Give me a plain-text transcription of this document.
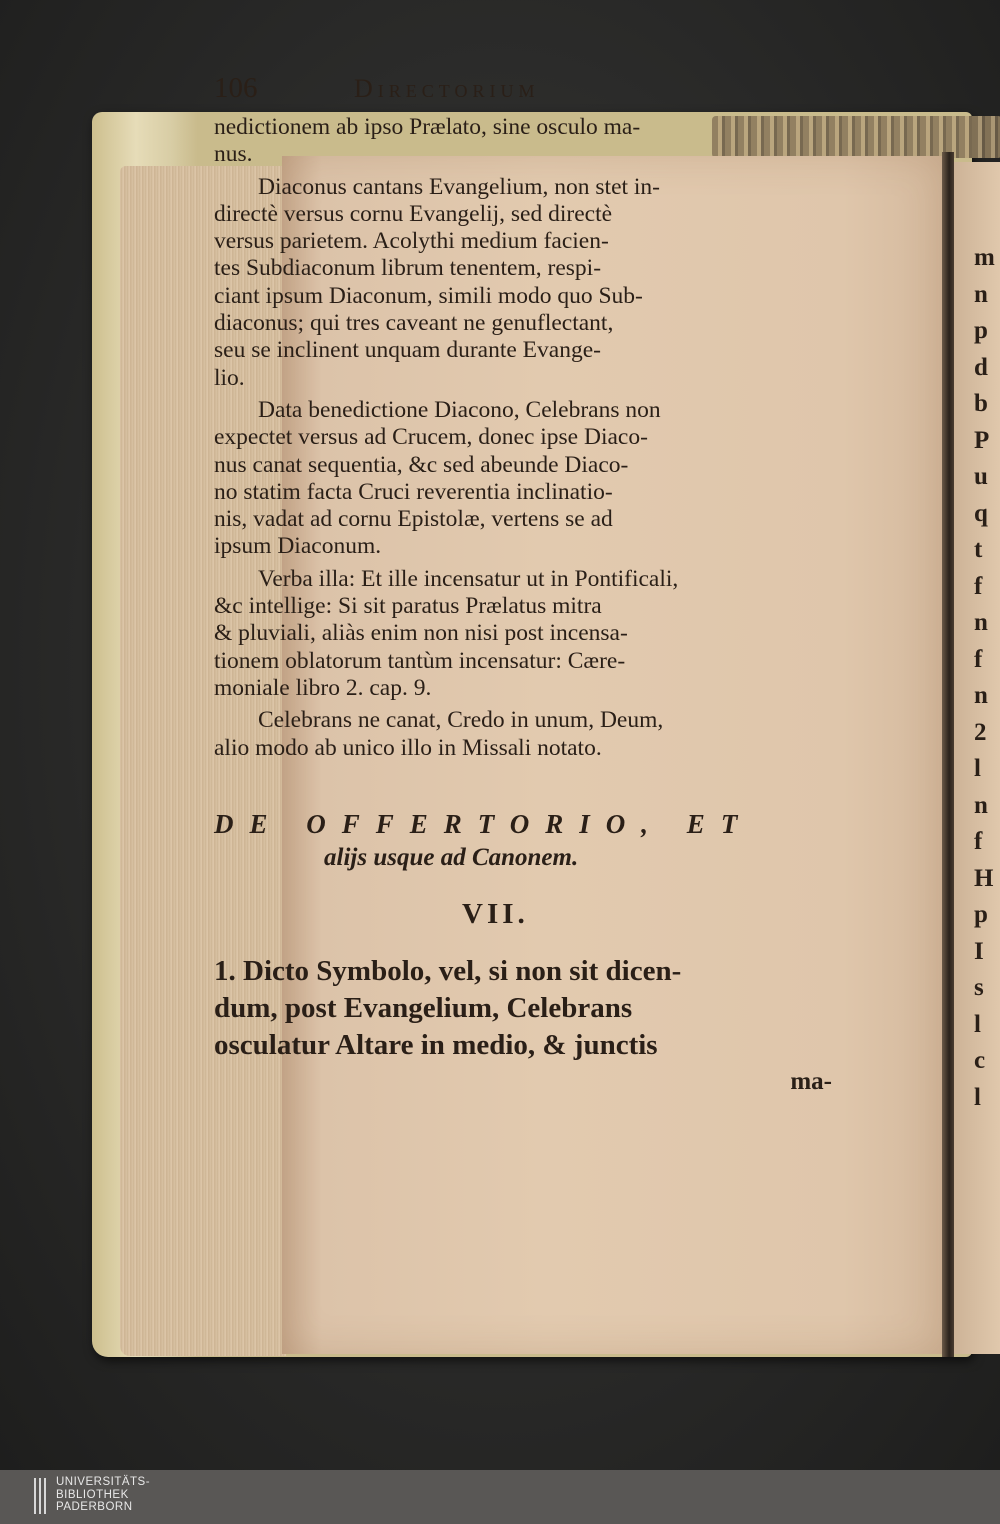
106	Directorium

nedictionem ab ipso Prælato, sine osculo ma-
nus.

Diaconus cantans Evangelium, non stet in-
directè versus cornu Evangelij, sed directè
versus parietem. Acolythi medium facien-
tes Subdiaconum librum tenentem, respi-
ciant ipsum Diaconum, simili modo quo Sub-
diaconus; qui tres caveant ne genuflectant,
seu se inclinent unquam durante Evange-
lio.

Data benedictione Diacono, Celebrans non
expectet versus ad Crucem, donec ipse Diaco-
nus canat sequentia, &c sed abeunde Diaco-
no statim facta Cruci reverentia inclinatio-
nis, vadat ad cornu Epistolæ, vertens se ad
ipsum Diaconum.

Verba illa: Et ille incensatur ut in Pontificali,
&c intellige: Si sit paratus Prælatus mitra
& pluviali, aliàs enim non nisi post incensa-
tionem oblatorum tantùm incensatur: Cære-
moniale libro 2. cap. 9.

Celebrans ne canat, Credo in unum, Deum,
alio modo ab unico illo in Missali notato.

DE OFFERTORIO, ET
alijs usque ad Canonem.
VII.
1. Dicto Symbolo, vel, si non sit dicen-
dum, post Evangelium, Celebrans
osculatur Altare in medio, & junctis
ma-
m
n
p
d
b
P
u
q
t
f
n
f
n
2
l
n
f
H
p
I
s
l
c
l
UNIVERSITÄTS-
BIBLIOTHEK
PADERBORN
